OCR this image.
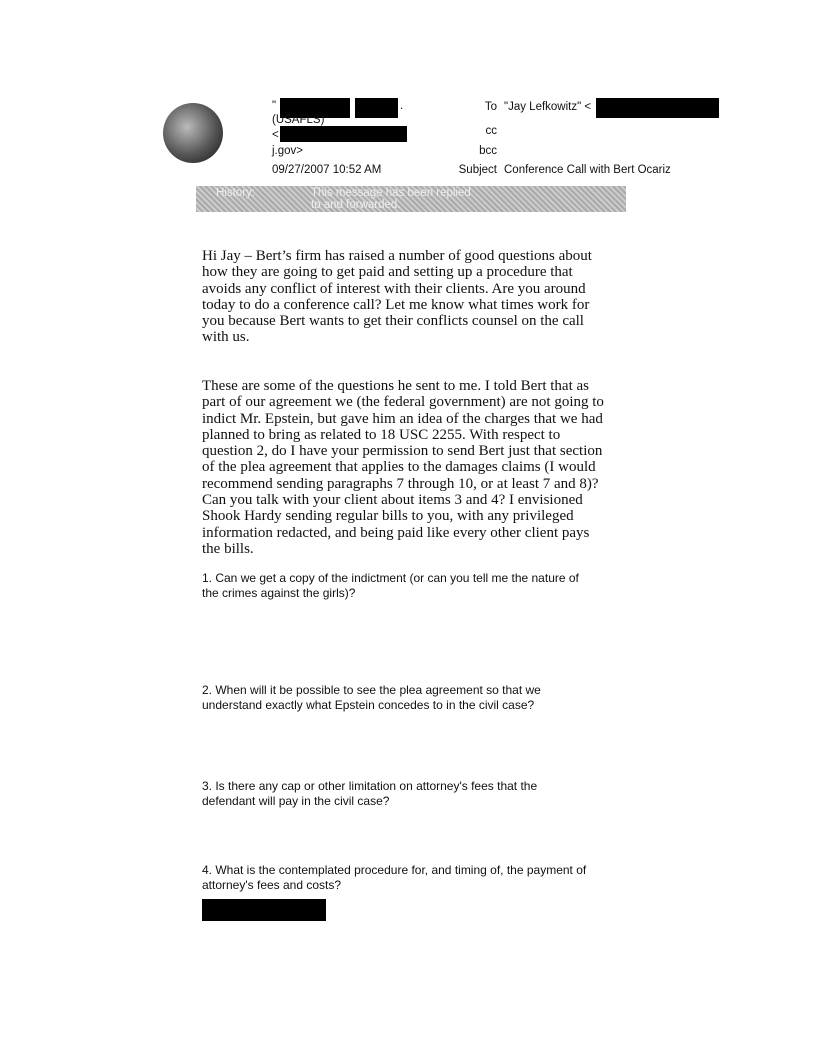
"	.
(USAFLS)"
<
j.gov>
09/27/2007 10:52 AM
To "Jay Lefkowitz" <
cc
bcc
Subject Conference Call with Bert Ocariz
History:	This message has been replied
to and forwarded.
Hi Jay – Bert’s firm has raised a number of good questions about
how they are going to get paid and setting up a procedure that
avoids any conflict of interest with their clients. Are you around
today to do a conference call? Let me know what times work for
you because Bert wants to get their conflicts counsel on the call
with us.
These are some of the questions he sent to me. I told Bert that as
part of our agreement we (the federal government) are not going to
indict Mr. Epstein, but gave him an idea of the charges that we had
planned to bring as related to 18 USC 2255. With respect to
question 2, do I have your permission to send Bert just that section
of the plea agreement that applies to the damages claims (I would
recommend sending paragraphs 7 through 10, or at least 7 and 8)?
Can you talk with your client about items 3 and 4? I envisioned
Shook Hardy sending regular bills to you, with any privileged
information redacted, and being paid like every other client pays
the bills.
1. Can we get a copy of the indictment (or can you tell me the nature of
the crimes against the girls)?
2. When will it be possible to see the plea agreement so that we
understand exactly what Epstein concedes to in the civil case?
3. Is there any cap or other limitation on attorney's fees that the
defendant will pay in the civil case?
4. What is the contemplated procedure for, and timing of, the payment of
attorney's fees and costs?
